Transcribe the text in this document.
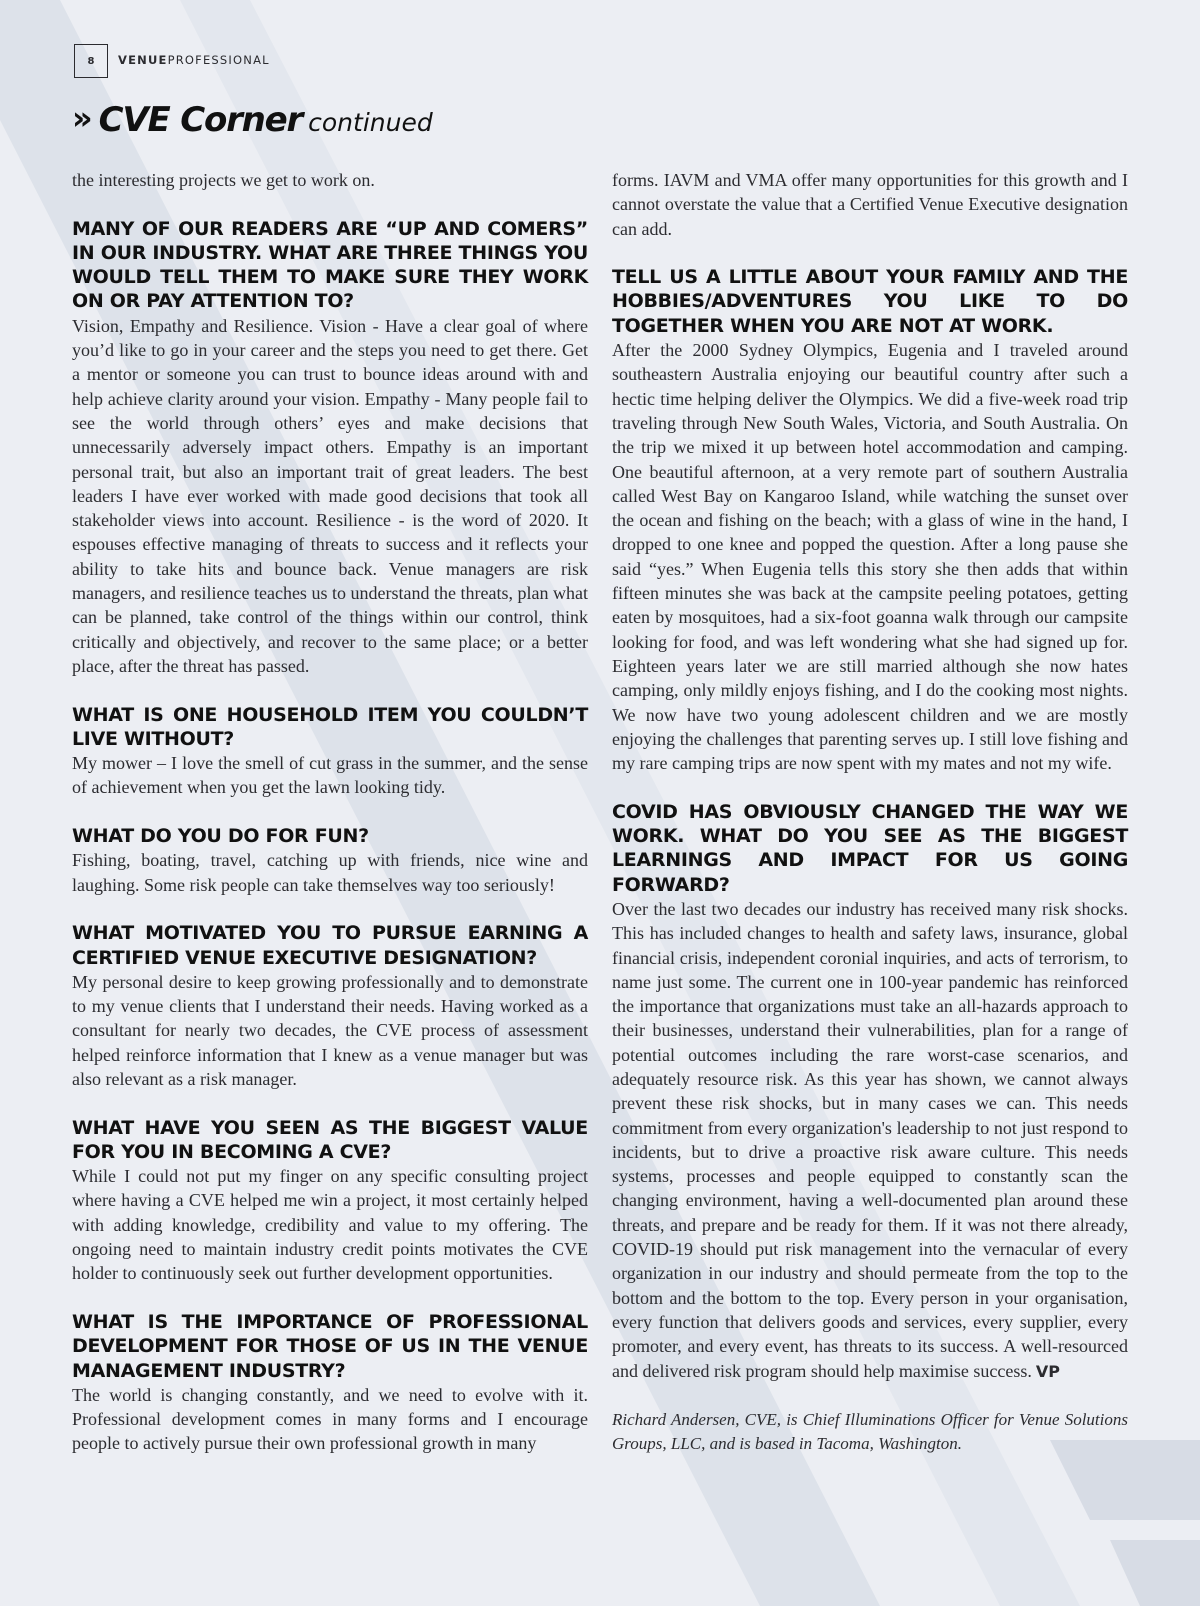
8	VENUEPROFESSIONAL
» CVE Corner continued

the interesting projects we get to work on.

MANY OF OUR READERS ARE “UP AND COMERS” IN OUR INDUSTRY. WHAT ARE THREE THINGS YOU WOULD TELL THEM TO MAKE SURE THEY WORK ON OR PAY ATTENTION TO?

Vision, Empathy and Resilience. Vision - Have a clear goal of where you’d like to go in your career and the steps you need to get there. Get a mentor or someone you can trust to bounce ideas around with and help achieve clarity around your vision. Empathy - Many people fail to see the world through others’ eyes and make decisions that unnecessarily adversely impact others. Empathy is an important personal trait, but also an important trait of great leaders. The best leaders I have ever worked with made good decisions that took all stakeholder views into account. Resilience - is the word of 2020. It espouses effective managing of threats to success and it reflects your ability to take hits and bounce back. Venue managers are risk managers, and resilience teaches us to understand the threats, plan what can be planned, take control of the things within our control, think critically and objectively, and recover to the same place; or a better place, after the threat has passed.

WHAT IS ONE HOUSEHOLD ITEM YOU COULDN’T LIVE WITHOUT?

My mower – I love the smell of cut grass in the summer, and the sense of achievement when you get the lawn looking tidy.

WHAT DO YOU DO FOR FUN?

Fishing, boating, travel, catching up with friends, nice wine and laughing. Some risk people can take themselves way too seriously!

WHAT MOTIVATED YOU TO PURSUE EARNING A CERTIFIED VENUE EXECUTIVE DESIGNATION?

My personal desire to keep growing professionally and to demonstrate to my venue clients that I understand their needs. Having worked as a consultant for nearly two decades, the CVE process of assessment helped reinforce information that I knew as a venue manager but was also relevant as a risk manager.

WHAT HAVE YOU SEEN AS THE BIGGEST VALUE FOR YOU IN BECOMING A CVE?

While I could not put my finger on any specific consulting project where having a CVE helped me win a project, it most certainly helped with adding knowledge, credibility and value to my offering. The ongoing need to maintain industry credit points motivates the CVE holder to continuously seek out further development opportunities.

WHAT IS THE IMPORTANCE OF PROFESSIONAL DEVELOPMENT FOR THOSE OF US IN THE VENUE MANAGEMENT INDUSTRY?

The world is changing constantly, and we need to evolve with it. Professional development comes in many forms and I encourage people to actively pursue their own professional growth in many

forms. IAVM and VMA offer many opportunities for this growth and I cannot overstate the value that a Certified Venue Executive designation can add.

TELL US A LITTLE ABOUT YOUR FAMILY AND THE HOBBIES/ADVENTURES YOU LIKE TO DO TOGETHER WHEN YOU ARE NOT AT WORK.

After the 2000 Sydney Olympics, Eugenia and I traveled around southeastern Australia enjoying our beautiful country after such a hectic time helping deliver the Olympics. We did a five-week road trip traveling through New South Wales, Victoria, and South Australia. On the trip we mixed it up between hotel accommodation and camping. One beautiful afternoon, at a very remote part of southern Australia called West Bay on Kangaroo Island, while watching the sunset over the ocean and fishing on the beach; with a glass of wine in the hand, I dropped to one knee and popped the question. After a long pause she said “yes.” When Eugenia tells this story she then adds that within fifteen minutes she was back at the campsite peeling potatoes, getting eaten by mosquitoes, had a six-foot goanna walk through our campsite looking for food, and was left wondering what she had signed up for. Eighteen years later we are still married although she now hates camping, only mildly enjoys fishing, and I do the cooking most nights. We now have two young adolescent children and we are mostly enjoying the challenges that parenting serves up. I still love fishing and my rare camping trips are now spent with my mates and not my wife.

COVID HAS OBVIOUSLY CHANGED THE WAY WE WORK. WHAT DO YOU SEE AS THE BIGGEST LEARNINGS AND IMPACT FOR US GOING FORWARD?

Over the last two decades our industry has received many risk shocks. This has included changes to health and safety laws, insurance, global financial crisis, independent coronial inquiries, and acts of terrorism, to name just some. The current one in 100-year pandemic has reinforced the importance that organizations must take an all-hazards approach to their businesses, understand their vulnerabilities, plan for a range of potential outcomes including the rare worst-case scenarios, and adequately resource risk. As this year has shown, we cannot always prevent these risk shocks, but in many cases we can. This needs commitment from every organization's leadership to not just respond to incidents, but to drive a proactive risk aware culture. This needs systems, processes and people equipped to constantly scan the changing environment, having a well-documented plan around these threats, and prepare and be ready for them. If it was not there already, COVID-19 should put risk management into the vernacular of every organization in our industry and should permeate from the top to the bottom and the bottom to the top. Every person in your organisation, every function that delivers goods and services, every supplier, every promoter, and every event, has threats to its success. A well-resourced and delivered risk program should help maximise success. VP

Richard Andersen, CVE, is Chief Illuminations Officer for Venue Solutions Groups, LLC, and is based in Tacoma, Washington.
